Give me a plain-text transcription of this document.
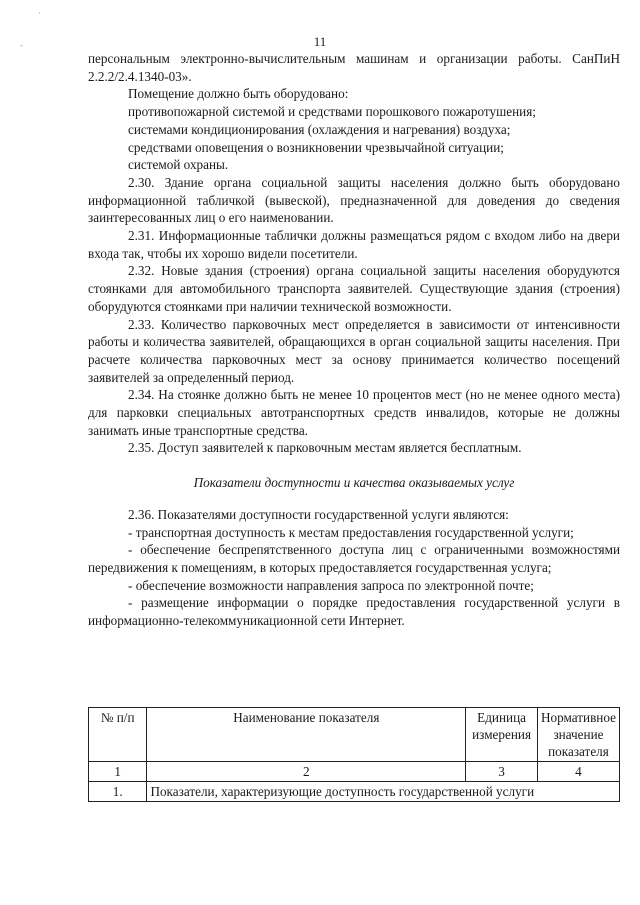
·
-	11

персональным электронно-вычислительным машинам и организации работы. СанПиН 2.2.2/2.4.1340-03».

Помещение должно быть оборудовано:

противопожарной системой и средствами порошкового пожаротушения;

системами кондиционирования (охлаждения и нагревания) воздуха;

средствами оповещения о возникновении чрезвычайной ситуации;

системой охраны.

2.30. Здание органа социальной защиты населения должно быть оборудовано информационной табличкой (вывеской), предназначенной для доведения до сведения заинтересованных лиц о его наименовании.

2.31. Информационные таблички должны размещаться рядом с входом либо на двери входа так, чтобы их хорошо видели посетители.

2.32. Новые здания (строения) органа социальной защиты населения оборудуются стоянками для автомобильного транспорта заявителей. Существующие здания (строения) оборудуются стоянками при наличии технической возможности.

2.33. Количество парковочных мест определяется в зависимости от интенсивности работы и количества заявителей, обращающихся в орган социальной защиты населения. При расчете количества парковочных мест за основу принимается количество посещений заявителей за определенный период.

2.34. На стоянке должно быть не менее 10 процентов мест (но не менее одного места) для парковки специальных автотранспортных средств инвалидов, которые не должны занимать иные транспортные средства.

2.35. Доступ заявителей к парковочным местам является бесплатным.

Показатели доступности и качества оказываемых услуг

2.36. Показателями доступности государственной услуги являются:

- транспортная доступность к местам предоставления государственной услуги;

- обеспечение беспрепятственного доступа лиц с ограниченными возможностями передвижения к помещениям, в которых предоставляется государственная услуга;

- обеспечение возможности направления запроса по электронной почте;

- размещение информации о порядке предоставления государственной услуги в информационно-телекоммуникационной сети Интернет.

№ п/п	Наименование показателя	Единица измерения	Нормативное значение показателя
1	2	3	4
1.	Показатели, характеризующие доступность государственной услуги		
